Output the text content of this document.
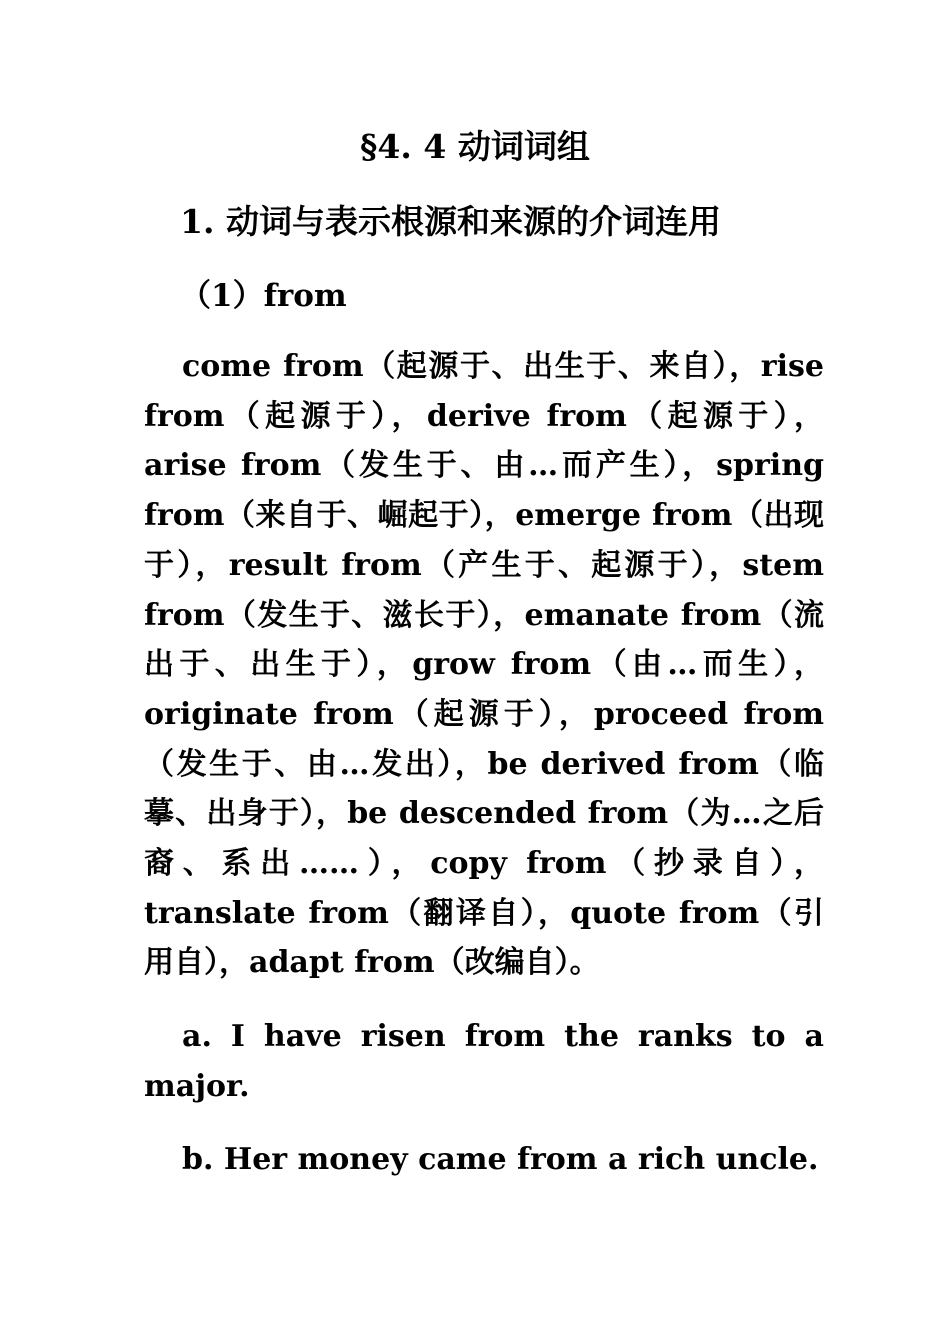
§4. 4 动词词组
1. 动词与表示根源和来源的介词连用
（1）from
come from（起源于、出生于、来自），rise from（起源于），derive from（起源于），arise from（发生于、由…而产生），spring from（来自于、崛起于），emerge from（出现于），result from（产生于、起源于），stem from（发生于、滋长于），emanate from（流出于、出生于），grow from（由…而生），originate from（起源于），proceed from（发生于、由…发出），be derived from（临摹、出身于），be descended from（为…之后裔、系出……），copy from（抄录自），translate from（翻译自），quote from（引用自），adapt from（改编自）。
a. I have risen from the ranks to a major.
b. Her money came from a rich uncle.
